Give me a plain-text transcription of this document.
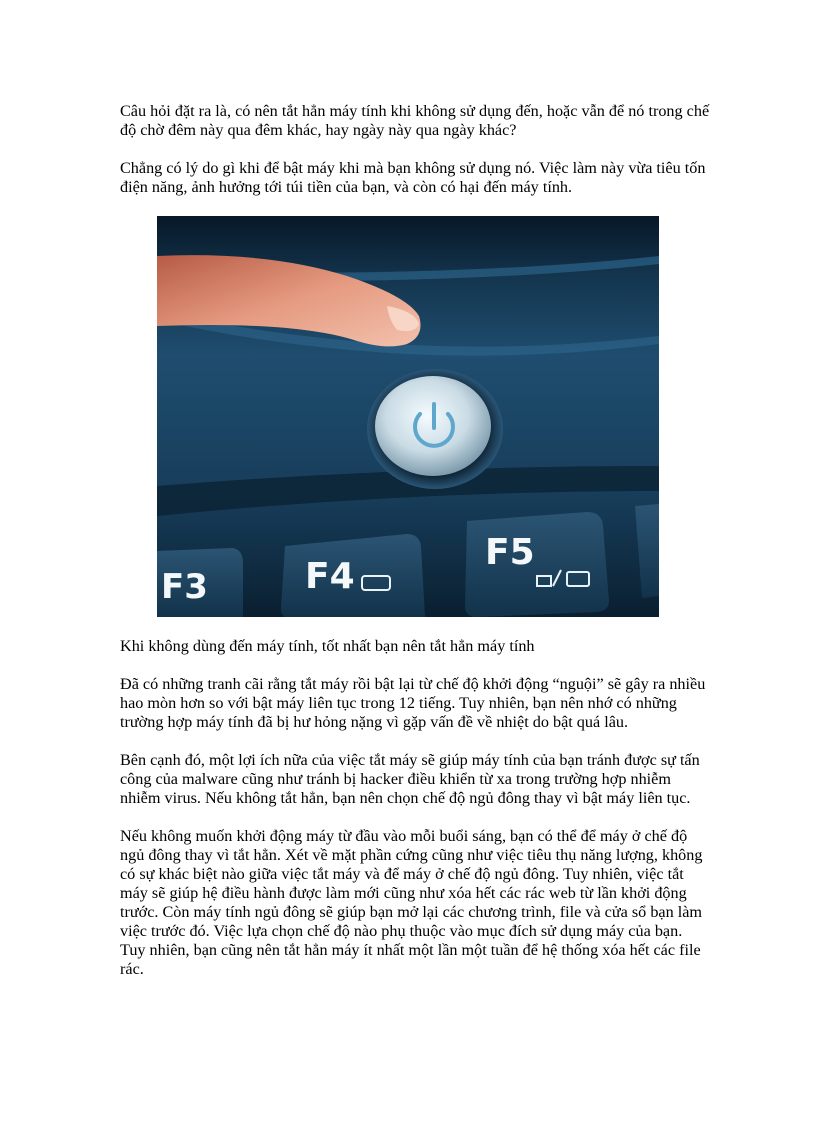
Câu hỏi đặt ra là, có nên tắt hẳn máy tính khi không sử dụng đến, hoặc vẫn để nó trong chế độ chờ đêm này qua đêm khác, hay ngày này qua ngày khác?

Chẳng có lý do gì khi để bật máy khi mà bạn không sử dụng nó. Việc làm này vừa tiêu tốn điện năng, ảnh hưởng tới túi tiền của bạn, và còn có hại đến máy tính.

F3	F4
F5

Khi không dùng đến máy tính, tốt nhất bạn nên tắt hẳn máy tính

Đã có những tranh cãi rằng tắt máy rồi bật lại từ chế độ khởi động “nguội” sẽ gây ra nhiều hao mòn hơn so với bật máy liên tục trong 12 tiếng. Tuy nhiên, bạn nên nhớ có những trường hợp máy tính đã bị hư hỏng nặng vì gặp vấn đề về nhiệt do bật quá lâu.

Bên cạnh đó, một lợi ích nữa của việc tắt máy sẽ giúp máy tính của bạn tránh được sự tấn công của malware cũng như tránh bị hacker điều khiển từ xa trong trường hợp nhiễm nhiễm virus. Nếu không tắt hẳn, bạn nên chọn chế độ ngủ đông thay vì bật máy liên tục.

Nếu không muốn khởi động máy từ đầu vào mỗi buổi sáng, bạn có thể để máy ở chế độ ngủ đông thay vì tắt hẳn. Xét về mặt phần cứng cũng như việc tiêu thụ năng lượng, không có sự khác biệt nào giữa việc tắt máy và để máy ở chế độ ngủ đông. Tuy nhiên, việc tắt máy sẽ giúp hệ điều hành được làm mới cũng như xóa hết các rác web từ lần khởi động trước. Còn máy tính ngủ đông sẽ giúp bạn mở lại các chương trình, file và cửa sổ bạn làm việc trước đó. Việc lựa chọn chế độ nào phụ thuộc vào mục đích sử dụng máy của bạn. Tuy nhiên, bạn cũng nên tắt hẳn máy ít nhất một lần một tuần để hệ thống xóa hết các file rác.
